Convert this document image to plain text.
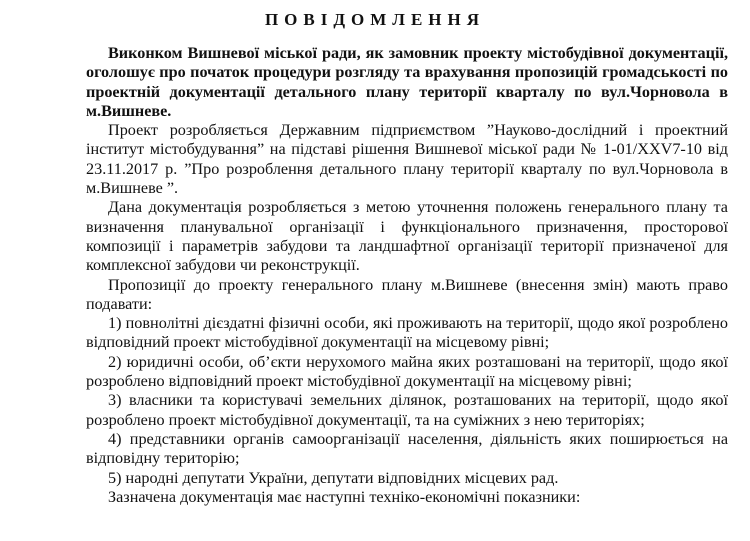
ПОВІДОМЛЕННЯ

Виконком Вишневої міської ради, як замовник проекту містобудівної документації, оголошує про початок процедури розгляду та врахування пропозицій громадськості по проектній документації детального плану території кварталу по вул.Чорновола в м.Вишневе.

Проект розробляється Державним підприємством ”Науково-дослідний і проектний інститут містобудування” на підставі рішення Вишневої міської ради № 1-01/XXV7-10 від 23.11.2017 р. ”Про розроблення детального плану території кварталу по вул.Чорновола в м.Вишневе ”.

Дана документація розробляється з метою уточнення положень генерального плану та визначення планувальної організації і функціонального призначення, просторової композиції і параметрів забудови та ландшафтної організації території призначеної для комплексної забудови чи реконструкції.

Пропозиції до проекту генерального плану м.Вишневе (внесення змін) мають право подавати:

1) повнолітні дієздатні фізичні особи, які проживають на території, щодо якої розроблено відповідний проект містобудівної документації на місцевому рівні;

2) юридичні особи, об’єкти нерухомого майна яких розташовані на території, щодо якої розроблено відповідний проект містобудівної документації на місцевому рівні;

3) власники та користувачі земельних ділянок, розташованих на території, щодо якої розроблено проект містобудівної документації, та на суміжних з нею територіях;

4) представники органів самоорганізації населення, діяльність яких поширюється на відповідну територію;

5) народні депутати України, депутати відповідних місцевих рад.

Зазначена документація має наступні техніко-економічні показники:
